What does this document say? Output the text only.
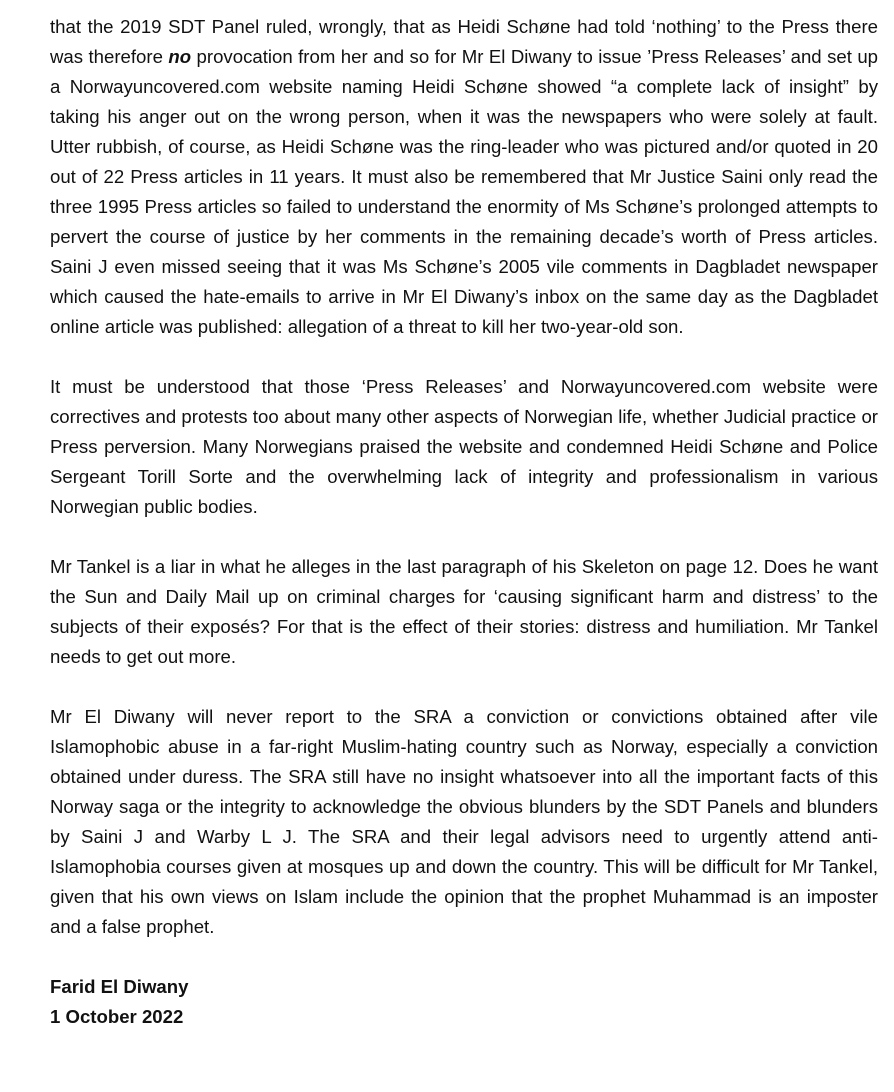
that the 2019 SDT Panel ruled, wrongly, that as Heidi Schøne had told ‘nothing’ to the Press there was therefore no provocation from her and so for Mr El Diwany to issue ’Press Releases’ and set up a Norwayuncovered.com website naming Heidi Schøne showed “a complete lack of insight” by taking his anger out on the wrong person, when it was the newspapers who were solely at fault. Utter rubbish, of course, as Heidi Schøne was the ring-leader who was pictured and/or quoted in 20 out of 22 Press articles in 11 years. It must also be remembered that Mr Justice Saini only read the three 1995 Press articles so failed to understand the enormity of Ms Schøne’s prolonged attempts to pervert the course of justice by her comments in the remaining decade’s worth of Press articles. Saini J even missed seeing that it was Ms Schøne’s 2005 vile comments in Dagbladet newspaper which caused the hate-emails to arrive in Mr El Diwany’s inbox on the same day as the Dagbladet online article was published: allegation of a threat to kill her two-year-old son.

It must be understood that those ‘Press Releases’ and Norwayuncovered.com website were correctives and protests too about many other aspects of Norwegian life, whether Judicial practice or Press perversion. Many Norwegians praised the website and condemned Heidi Schøne and Police Sergeant Torill Sorte and the overwhelming lack of integrity and professionalism in various Norwegian public bodies.

Mr Tankel is a liar in what he alleges in the last paragraph of his Skeleton on page 12. Does he want the Sun and Daily Mail up on criminal charges for ‘causing significant harm and distress’ to the subjects of their exposés? For that is the effect of their stories: distress and humiliation. Mr Tankel needs to get out more.

Mr El Diwany will never report to the SRA a conviction or convictions obtained after vile Islamophobic abuse in a far-right Muslim-hating country such as Norway, especially a conviction obtained under duress. The SRA still have no insight whatsoever into all the important facts of this Norway saga or the integrity to acknowledge the obvious blunders by the SDT Panels and blunders by Saini J and Warby L J. The SRA and their legal advisors need to urgently attend anti-Islamophobia courses given at mosques up and down the country. This will be difficult for Mr Tankel, given that his own views on Islam include the opinion that the prophet Muhammad is an imposter and a false prophet.

Farid El Diwany
1 October 2022
